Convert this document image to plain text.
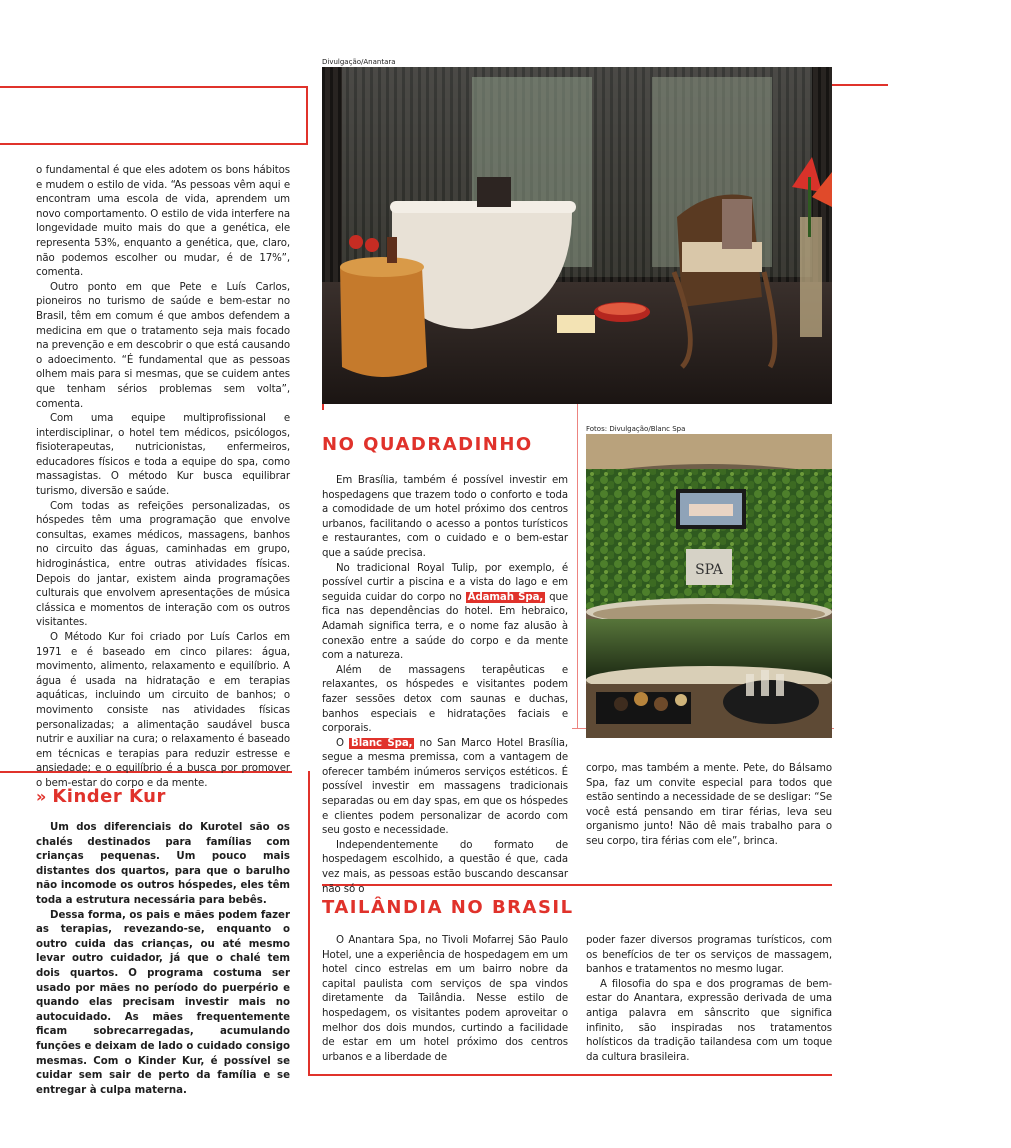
Divulgação/Anantara

o fundamental é que eles adotem os bons hábitos e mudem o estilo de vida. “As pessoas vêm aqui e encontram uma escola de vida, aprendem um novo comportamento. O estilo de vida interfere na longevidade muito mais do que a genética, ele representa 53%, enquanto a genética, que, claro, não podemos escolher ou mudar, é de 17%”, comenta.

Outro ponto em que Pete e Luís Carlos, pioneiros no turismo de saúde e bem-estar no Brasil, têm em comum é que ambos defendem a medicina em que o tratamento seja mais focado na prevenção e em descobrir o que está causando o adoecimento. “É fundamental que as pessoas olhem mais para si mesmas, que se cuidem antes que tenham sérios problemas sem volta”, comenta.

Com uma equipe multiprofissional e interdisciplinar, o hotel tem médicos, psicólogos, fisioterapeutas, nutricionistas, enfermeiros, educadores físicos e toda a equipe do spa, como massagistas. O método Kur busca equilibrar turismo, diversão e saúde.

Com todas as refeições personalizadas, os hóspedes têm uma programação que envolve consultas, exames médicos, massagens, banhos no circuito das águas, caminhadas em grupo, hidroginástica, entre outras atividades físicas. Depois do jantar, existem ainda programações culturais que envolvem apresentações de música clássica e momentos de interação com os outros visitantes.

O Método Kur foi criado por Luís Carlos em 1971 e é baseado em cinco pilares: água, movimento, alimento, relaxamento e equilíbrio. A água é usada na hidratação e em terapias aquáticas, incluindo um circuito de banhos; o movimento consiste nas atividades físicas personalizadas; a alimentação saudável busca nutrir e auxiliar na cura; o relaxamento é baseado em técnicas e terapias para reduzir estresse e ansiedade; e o equilíbrio é a busca por promover o bem-estar do corpo e da mente.

» Kinder Kur

Um dos diferenciais do Kurotel são os chalés destinados para famílias com crianças pequenas. Um pouco mais distantes dos quartos, para que o barulho não incomode os outros hóspedes, eles têm toda a estrutura necessária para bebês.

Dessa forma, os pais e mães podem fazer as terapias, revezando-se, enquanto o outro cuida das crianças, ou até mesmo levar outro cuidador, já que o chalé tem dois quartos. O programa costuma ser usado por mães no período do puerpério e quando elas precisam investir mais no autocuidado. As mães frequentemente ficam sobrecarregadas, acumulando funções e deixam de lado o cuidado consigo mesmas. Com o Kinder Kur, é possível se cuidar sem sair de perto da família e se entregar à culpa materna.

NO QUADRADINHO

Em Brasília, também é possível investir em hospedagens que trazem todo o conforto e toda a comodidade de um hotel próximo dos centros urbanos, facilitando o acesso a pontos turísticos e restaurantes, com o cuidado e o bem-estar que a saúde precisa.

No tradicional Royal Tulip, por exemplo, é possível curtir a piscina e a vista do lago e em seguida cuidar do corpo no Adamah Spa, que fica nas dependências do hotel. Em hebraico, Adamah significa terra, e o nome faz alusão à conexão entre a saúde do corpo e da mente com a natureza.

Além de massagens terapêuticas e relaxantes, os hóspedes e visitantes podem fazer sessões detox com saunas e duchas, banhos especiais e hidratações faciais e corporais.

O Blanc Spa, no San Marco Hotel Brasília, segue a mesma premissa, com a vantagem de oferecer também inúmeros serviços estéticos. É possível investir em massagens tradicionais separadas ou em day spas, em que os hóspedes e clientes podem personalizar de acordo com seu gosto e necessidade.

Independentemente do formato de hospedagem escolhido, a questão é que, cada vez mais, as pessoas estão buscando descansar não só o

Fotos: Divulgação/Blanc Spa
SPA

corpo, mas também a mente. Pete, do Bálsamo Spa, faz um convite especial para todos que estão sentindo a necessidade de se desligar: “Se você está pensando em tirar férias, leva seu organismo junto! Não dê mais trabalho para o seu corpo, tira férias com ele”, brinca.

TAILÂNDIA NO BRASIL

O Anantara Spa, no Tivoli Mofarrej São Paulo Hotel, une a experiência de hospedagem em um hotel cinco estrelas em um bairro nobre da capital paulista com serviços de spa vindos diretamente da Tailândia. Nesse estilo de hospedagem, os visitantes podem aproveitar o melhor dos dois mundos, curtindo a facilidade de estar em um hotel próximo dos centros urbanos e a liberdade de

poder fazer diversos programas turísticos, com os benefícios de ter os serviços de massagem, banhos e tratamentos no mesmo lugar.

A filosofia do spa e dos programas de bem-estar do Anantara, expressão derivada de uma antiga palavra em sânscrito que significa infinito, são inspiradas nos tratamentos holísticos da tradição tailandesa com um toque da cultura brasileira.
